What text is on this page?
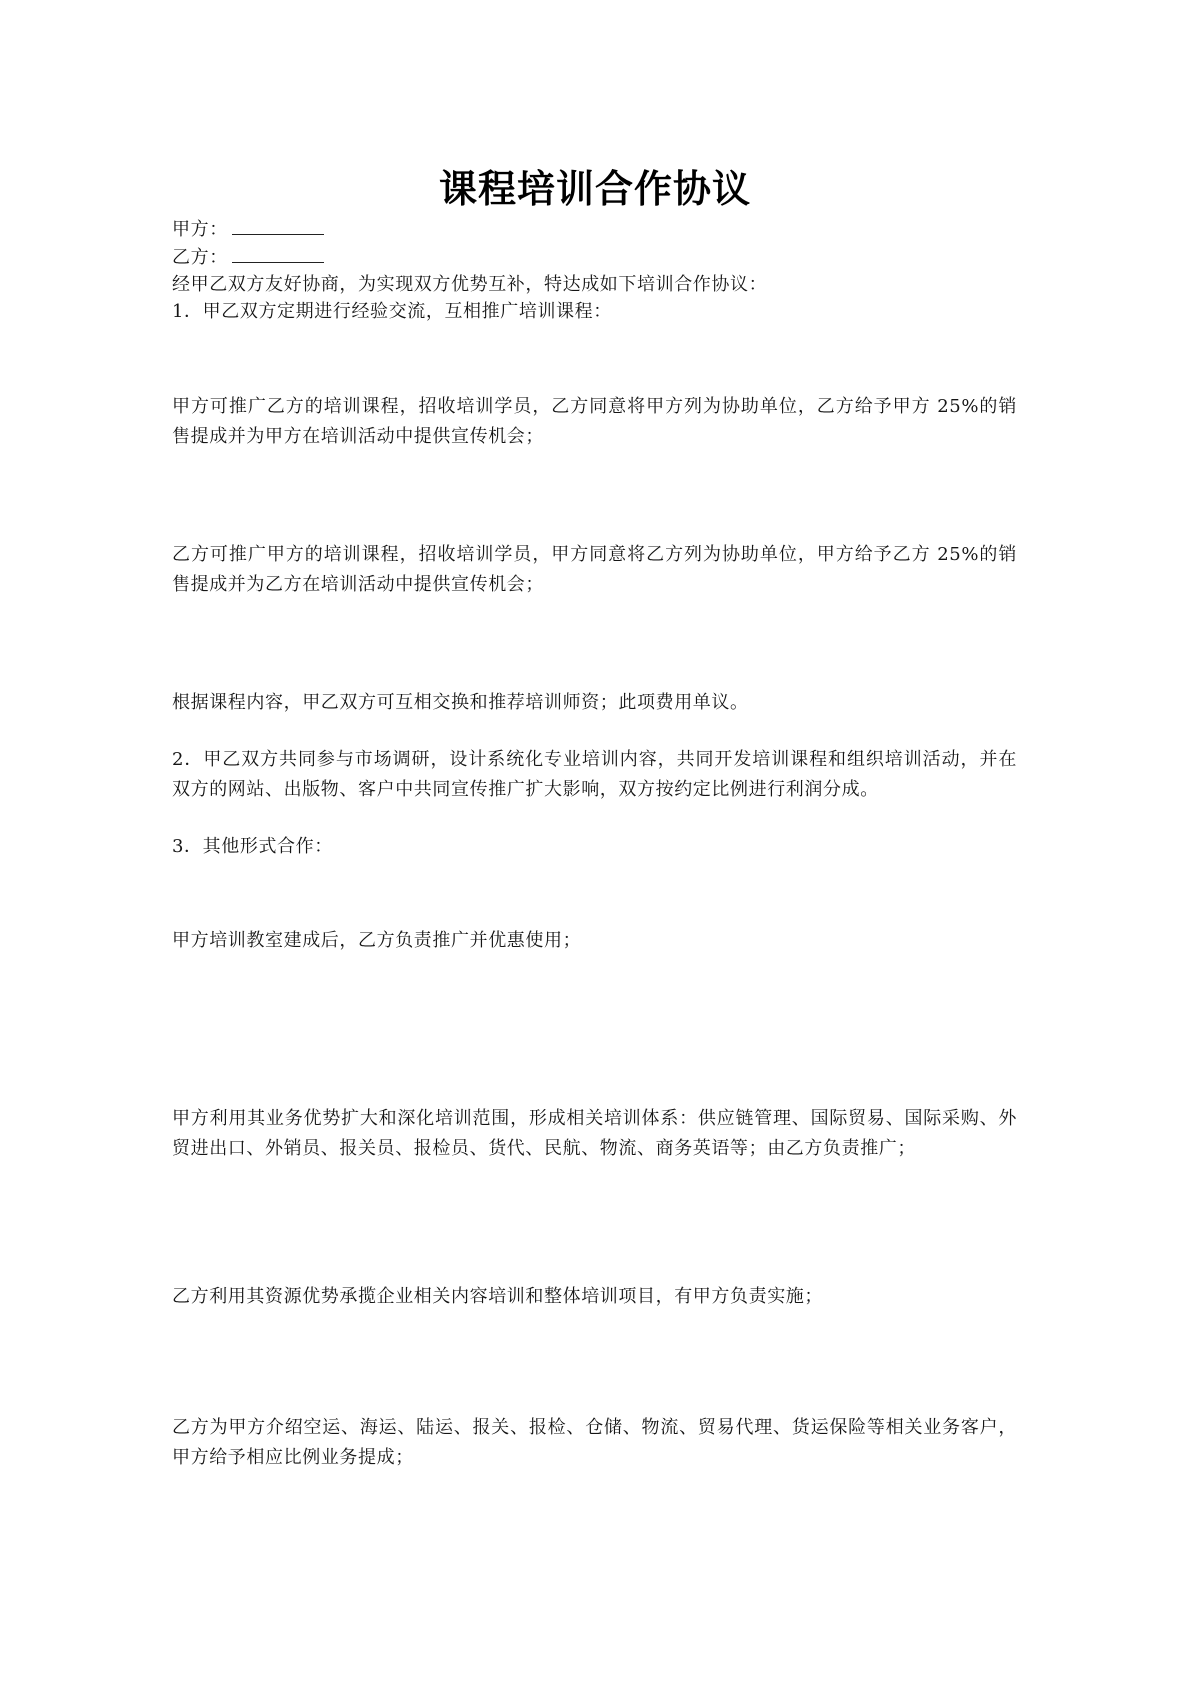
课程培训合作协议
甲方：
乙方：
经甲乙双方友好协商，为实现双方优势互补，特达成如下培训合作协议：
1．甲乙双方定期进行经验交流，互相推广培训课程：
甲方可推广乙方的培训课程，招收培训学员，乙方同意将甲方列为协助单位，乙方给予甲方 25%的销售提成并为甲方在培训活动中提供宣传机会；
乙方可推广甲方的培训课程，招收培训学员，甲方同意将乙方列为协助单位，甲方给予乙方 25%的销售提成并为乙方在培训活动中提供宣传机会；
根据课程内容，甲乙双方可互相交换和推荐培训师资；此项费用单议。
2．甲乙双方共同参与市场调研，设计系统化专业培训内容，共同开发培训课程和组织培训活动，并在双方的网站、出版物、客户中共同宣传推广扩大影响，双方按约定比例进行利润分成。
3．其他形式合作：
甲方培训教室建成后，乙方负责推广并优惠使用；
甲方利用其业务优势扩大和深化培训范围，形成相关培训体系：供应链管理、国际贸易、国际采购、外贸进出口、外销员、报关员、报检员、货代、民航、物流、商务英语等；由乙方负责推广；
乙方利用其资源优势承揽企业相关内容培训和整体培训项目，有甲方负责实施；
乙方为甲方介绍空运、海运、陆运、报关、报检、仓储、物流、贸易代理、货运保险等相关业务客户，甲方给予相应比例业务提成；
